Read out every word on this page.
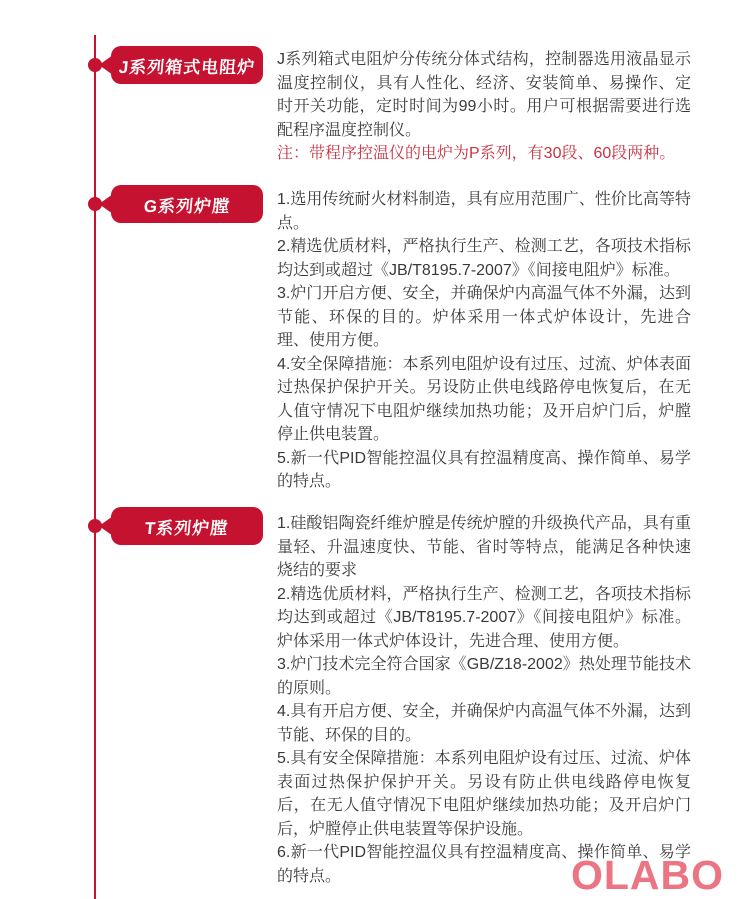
J系列箱式电阻炉 J系列箱式电阻炉分传统分体式结构，控制器选用液晶显示温度控制仪，具有人性化、经济、安装简单、易操作、定时开关功能，定时时间为99小时。用户可根据需要进行选配程序温度控制仪。

注：带程序控温仪的电炉为P系列，有30段、60段两种。

G系列炉膛	1.选用传统耐火材料制造，具有应用范围广、性价比高等特点。

2.精选优质材料，严格执行生产、检测工艺，各项技术指标均达到或超过《JB/T8195.7-2007》《间接电阻炉》标准。

3.炉门开启方便、安全，并确保炉内高温气体不外漏，达到节能、环保的目的。炉体采用一体式炉体设计，先进合理、使用方便。

4.安全保障措施：本系列电阻炉设有过压、过流、炉体表面过热保护保护开关。另设防止供电线路停电恢复后，在无人值守情况下电阻炉继续加热功能；及开启炉门后，炉膛停止供电装置。

5.新一代PID智能控温仪具有控温精度高、操作简单、易学的特点。

T系列炉膛	1.硅酸铝陶瓷纤维炉膛是传统炉膛的升级换代产品，具有重量轻、升温速度快、节能、省时等特点，能满足各种快速烧结的要求

2.精选优质材料，严格执行生产、检测工艺，各项技术指标均达到或超过《JB/T8195.7-2007》《间接电阻炉》标准。炉体采用一体式炉体设计，先进合理、使用方便。

3.炉门技术完全符合国家《GB/Z18-2002》热处理节能技术的原则。

4.具有开启方便、安全，并确保炉内高温气体不外漏，达到节能、环保的目的。

5.具有安全保障措施：本系列电阻炉设有过压、过流、炉体表面过热保护保护开关。另设有防止供电线路停电恢复后，在无人值守情况下电阻炉继续加热功能；及开启炉门后，炉膛停止供电装置等保护设施。

6.新一代PID智能控温仪具有控温精度高、操作简单、易学的特点。	OLABO
